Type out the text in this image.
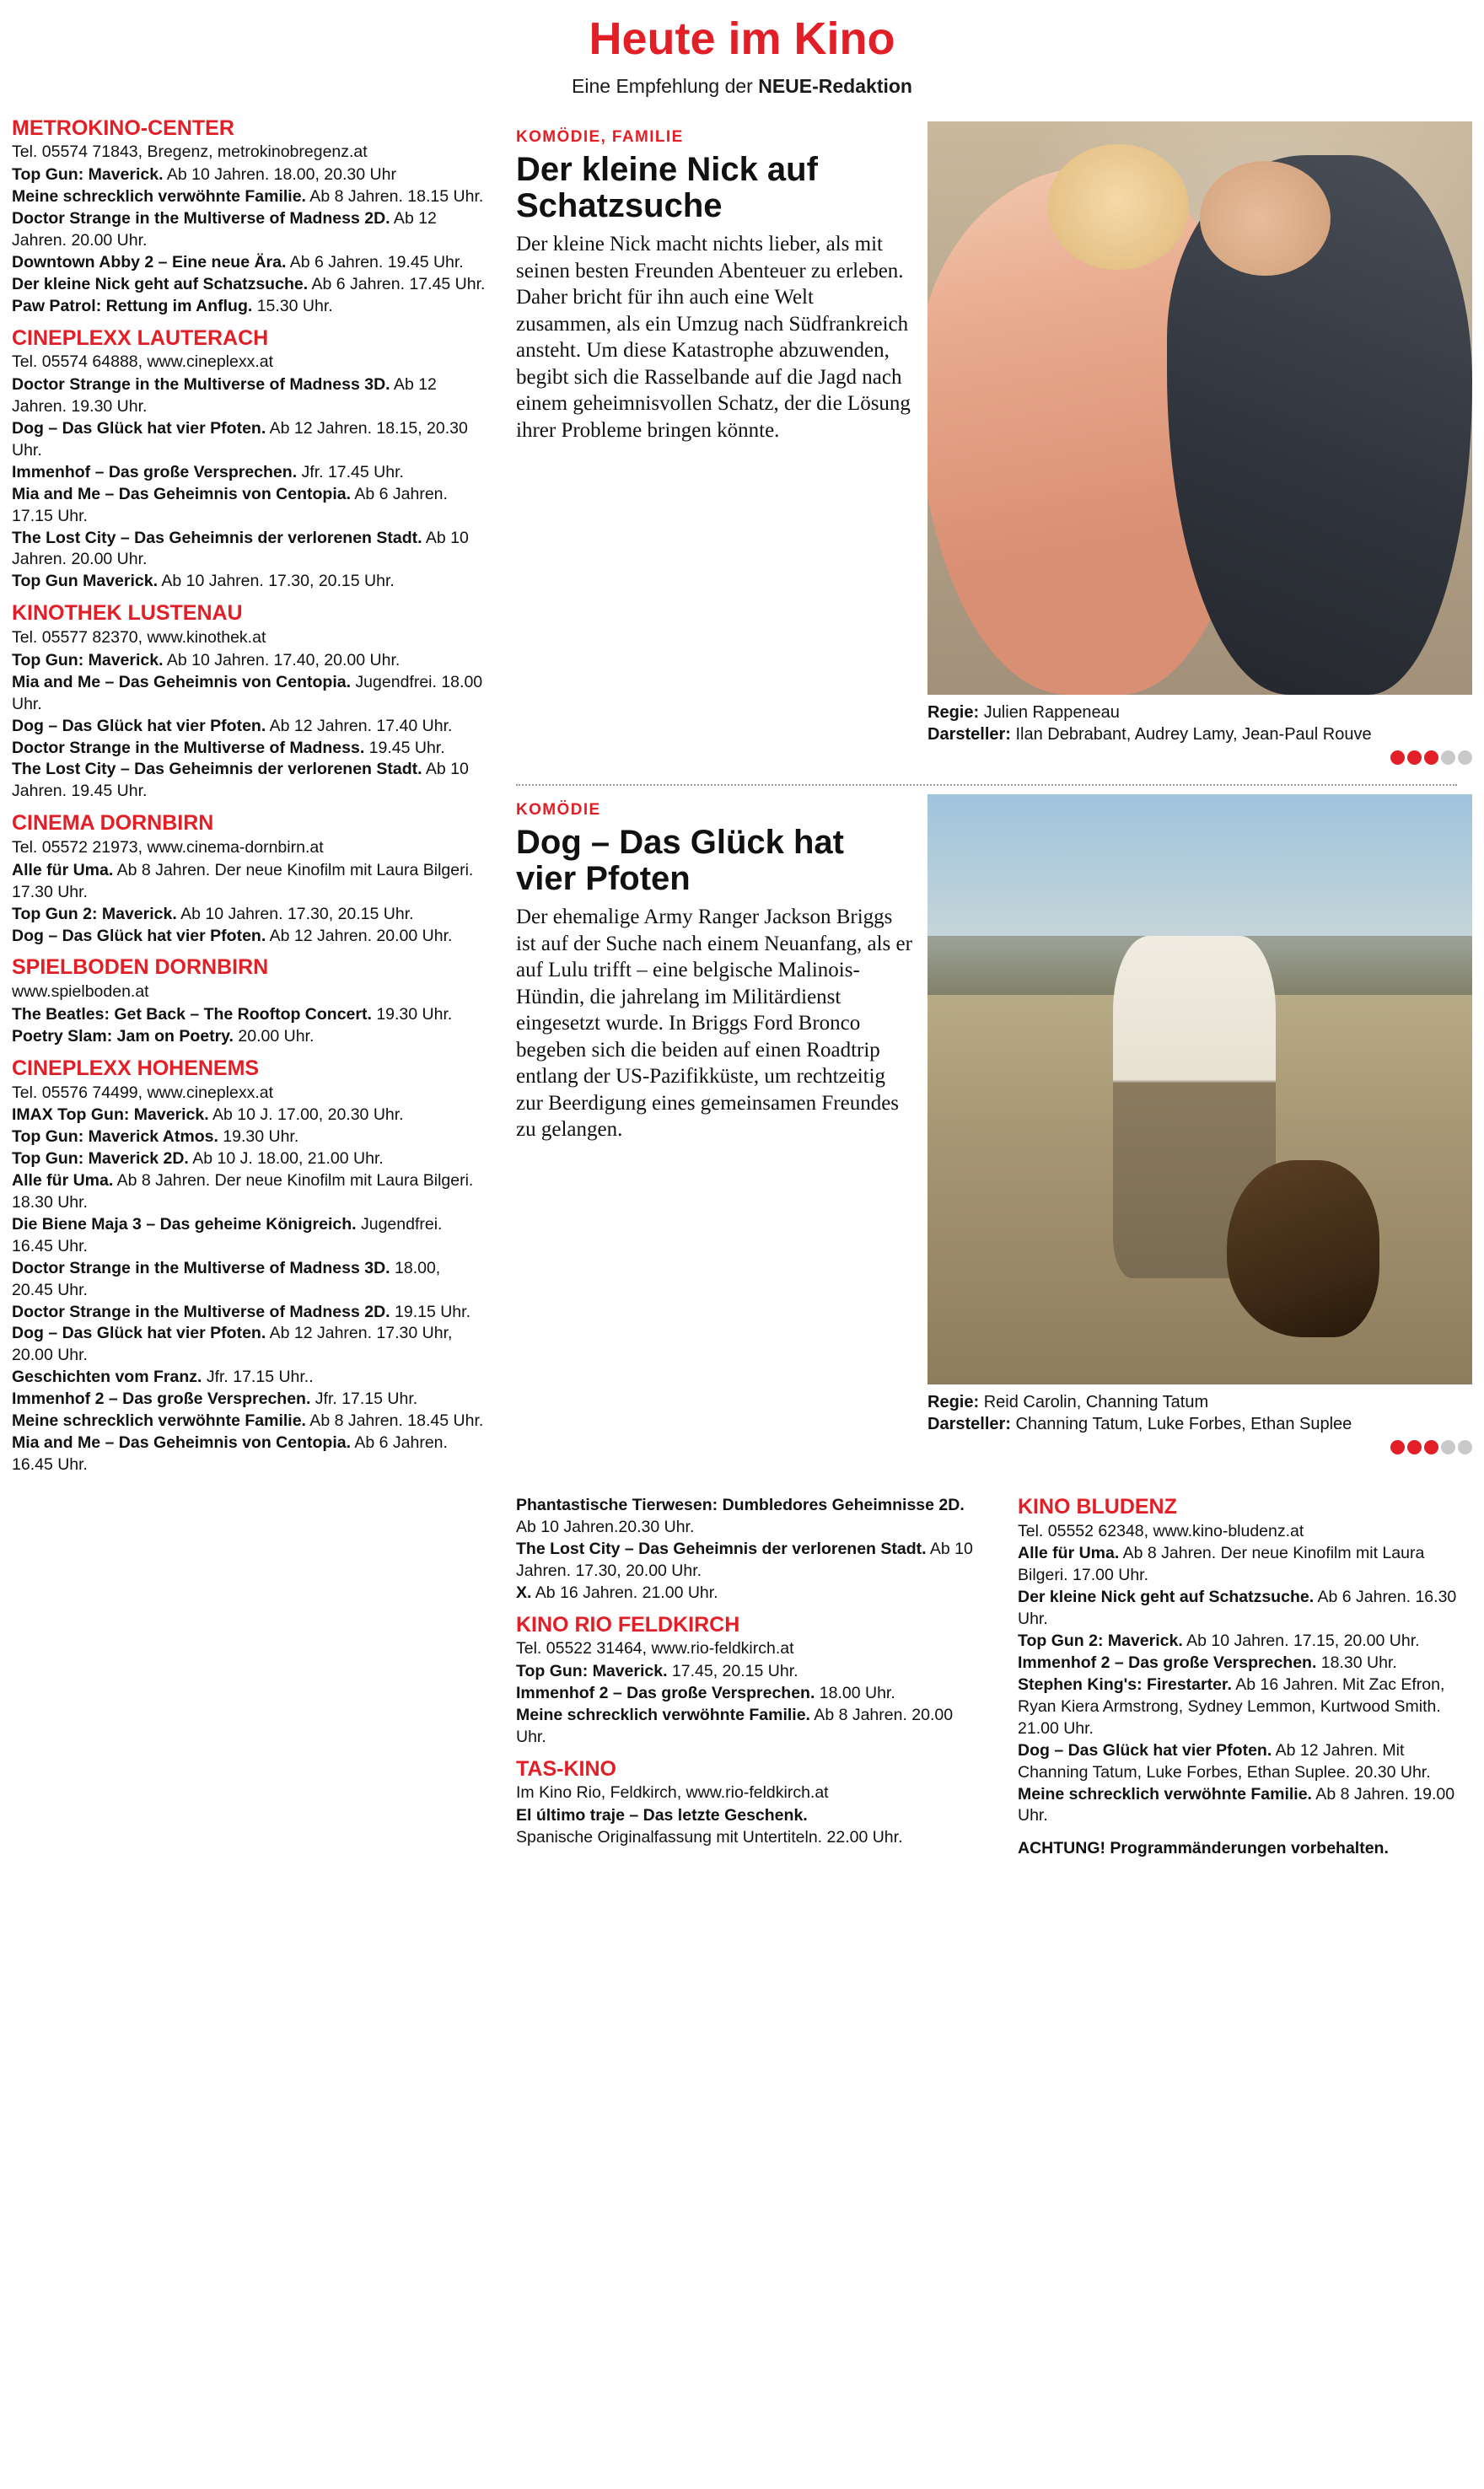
Heute im Kino
Eine Empfehlung der NEUE-Redaktion
METROKINO-CENTER
Tel. 05574 71843, Bregenz, metrokinobregenz.at
Top Gun: Maverick. Ab 10 Jahren. 18.00, 20.30 Uhr
Meine schrecklich verwöhnte Familie. Ab 8 Jahren. 18.15 Uhr.
Doctor Strange in the Multiverse of Madness 2D. Ab 12 Jahren. 20.00 Uhr.
Downtown Abby 2 – Eine neue Ära. Ab 6 Jahren. 19.45 Uhr.
Der kleine Nick geht auf Schatzsuche. Ab 6 Jahren. 17.45 Uhr.
Paw Patrol: Rettung im Anflug. 15.30 Uhr.
CINEPLEXX LAUTERACH
Tel. 05574 64888, www.cineplexx.at
Doctor Strange in the Multiverse of Madness 3D. Ab 12 Jahren. 19.30 Uhr.
Dog – Das Glück hat vier Pfoten. Ab 12 Jahren. 18.15, 20.30 Uhr.
Immenhof – Das große Versprechen. Jfr. 17.45 Uhr.
Mia and Me – Das Geheimnis von Centopia. Ab 6 Jahren. 17.15 Uhr.
The Lost City – Das Geheimnis der verlorenen Stadt. Ab 10 Jahren. 20.00 Uhr.
Top Gun Maverick. Ab 10 Jahren. 17.30, 20.15 Uhr.
KINOTHEK LUSTENAU
Tel. 05577 82370, www.kinothek.at
Top Gun: Maverick. Ab 10 Jahren. 17.40, 20.00 Uhr.
Mia and Me – Das Geheimnis von Centopia. Jugendfrei. 18.00 Uhr.
Dog – Das Glück hat vier Pfoten. Ab 12 Jahren. 17.40 Uhr.
Doctor Strange in the Multiverse of Madness. 19.45 Uhr.
The Lost City – Das Geheimnis der verlorenen Stadt. Ab 10 Jahren. 19.45 Uhr.
CINEMA DORNBIRN
Tel. 05572 21973, www.cinema-dornbirn.at
Alle für Uma. Ab 8 Jahren. Der neue Kinofilm mit Laura Bilgeri. 17.30 Uhr.
Top Gun 2: Maverick. Ab 10 Jahren. 17.30, 20.15 Uhr.
Dog – Das Glück hat vier Pfoten. Ab 12 Jahren. 20.00 Uhr.
SPIELBODEN DORNBIRN
www.spielboden.at
The Beatles: Get Back – The Rooftop Concert. 19.30 Uhr.
Poetry Slam: Jam on Poetry. 20.00 Uhr.
CINEPLEXX HOHENEMS
Tel. 05576 74499, www.cineplexx.at
IMAX Top Gun: Maverick. Ab 10 J. 17.00, 20.30 Uhr.
Top Gun: Maverick Atmos. 19.30 Uhr.
Top Gun: Maverick 2D. Ab 10 J. 18.00, 21.00 Uhr.
Alle für Uma. Ab 8 Jahren. Der neue Kinofilm mit Laura Bilgeri. 18.30 Uhr.
Die Biene Maja 3 – Das geheime Königreich. Jugendfrei. 16.45 Uhr.
Doctor Strange in the Multiverse of Madness 3D. 18.00, 20.45 Uhr.
Doctor Strange in the Multiverse of Madness 2D. 19.15 Uhr.
Dog – Das Glück hat vier Pfoten. Ab 12 Jahren. 17.30 Uhr, 20.00 Uhr.
Geschichten vom Franz. Jfr. 17.15 Uhr..
Immenhof 2 – Das große Versprechen. Jfr. 17.15 Uhr.
Meine schrecklich verwöhnte Familie. Ab 8 Jahren. 18.45 Uhr.
Mia and Me – Das Geheimnis von Centopia. Ab 6 Jahren. 16.45 Uhr.
KOMÖDIE, FAMILIE
Der kleine Nick auf Schatzsuche

Der kleine Nick macht nichts lieber, als mit seinen besten Freunden Abenteuer zu erleben. Daher bricht für ihn auch eine Welt zusammen, als ein Umzug nach Südfrankreich ansteht. Um diese Katastrophe abzuwenden, begibt sich die Rasselbande auf die Jagd nach einem geheimnisvollen Schatz, der die Lösung ihrer Probleme bringen könnte.

Regie: Julien Rappeneau
Darsteller: Ilan Debrabant, Audrey Lamy, Jean-Paul Rouve
KOMÖDIE
Dog – Das Glück hat vier Pfoten

Der ehemalige Army Ranger Jackson Briggs ist auf der Suche nach einem Neuanfang, als er auf Lulu trifft – eine belgische Malinois-Hündin, die jahrelang im Militärdienst eingesetzt wurde. In Briggs Ford Bronco begeben sich die beiden auf einen Roadtrip entlang der US-Pazifikküste, um rechtzeitig zur Beerdigung eines gemeinsamen Freundes zu gelangen.

Regie: Reid Carolin, Channing Tatum
Darsteller: Channing Tatum, Luke Forbes, Ethan Suplee
Phantastische Tierwesen: Dumbledores Geheimnisse 2D. Ab 10 Jahren.20.30 Uhr.
The Lost City – Das Geheimnis der verlorenen Stadt. Ab 10 Jahren. 17.30, 20.00 Uhr.
X. Ab 16 Jahren. 21.00 Uhr.
KINO RIO FELDKIRCH
Tel. 05522 31464, www.rio-feldkirch.at
Top Gun: Maverick. 17.45, 20.15 Uhr.
Immenhof 2 – Das große Versprechen. 18.00 Uhr.
Meine schrecklich verwöhnte Familie. Ab 8 Jahren. 20.00 Uhr.
TAS-KINO
Im Kino Rio, Feldkirch, www.rio-feldkirch.at
El último traje – Das letzte Geschenk.
Spanische Originalfassung mit Untertiteln. 22.00 Uhr.
KINO BLUDENZ
Tel. 05552 62348, www.kino-bludenz.at
Alle für Uma. Ab 8 Jahren. Der neue Kinofilm mit Laura Bilgeri. 17.00 Uhr.
Der kleine Nick geht auf Schatzsuche. Ab 6 Jahren. 16.30 Uhr.
Top Gun 2: Maverick. Ab 10 Jahren. 17.15, 20.00 Uhr.
Immenhof 2 – Das große Versprechen. 18.30 Uhr.
Stephen King's: Firestarter. Ab 16 Jahren. Mit Zac Efron, Ryan Kiera Armstrong, Sydney Lemmon, Kurtwood Smith. 21.00 Uhr.
Dog – Das Glück hat vier Pfoten. Ab 12 Jahren. Mit Channing Tatum, Luke Forbes, Ethan Suplee. 20.30 Uhr.
Meine schrecklich verwöhnte Familie. Ab 8 Jahren. 19.00 Uhr.
ACHTUNG! Programmänderungen vorbehalten.
